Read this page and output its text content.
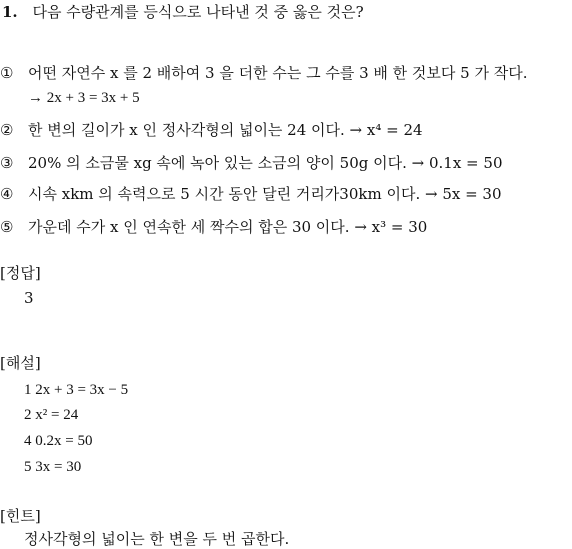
1. 다음 수량관계를 등식으로 나타낸 것 중 옳은 것은?
① 어떤 자연수 x 를 2 배하여 3 을 더한 수는 그 수를 3 배 한 것보다 5 가 작다.
→ 2x + 3 = 3x + 5
② 한 변의 길이가 x 인 정사각형의 넓이는 24 이다. → x⁴ = 24
③ 20% 의 소금물 xg 속에 녹아 있는 소금의 양이 50g 이다. → 0.1x = 50
④ 시속 xkm 의 속력으로 5 시간 동안 달린 거리가30km 이다. → 5x = 30
⑤ 가운데 수가 x 인 연속한 세 짝수의 합은 30 이다. → x³ = 30
[정답]
3
[해설]
1 2x + 3 = 3x − 5
2 x² = 24
4 0.2x = 50
5 3x = 30
[힌트]
정사각형의 넓이는 한 변을 두 번 곱한다.
